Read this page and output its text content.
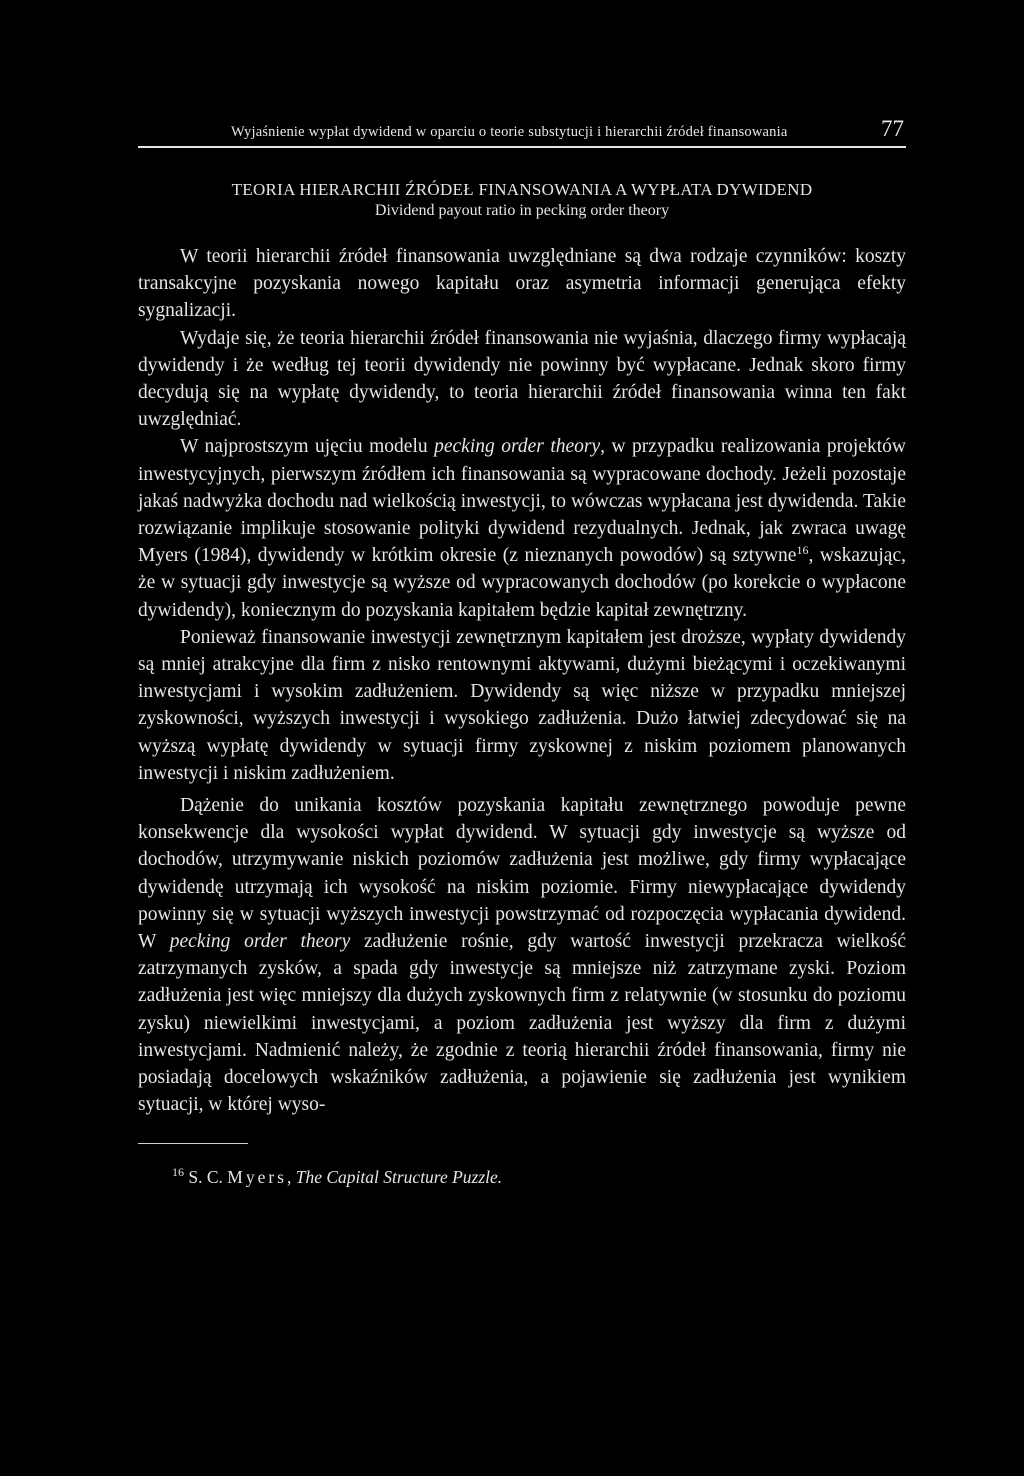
Wyjaśnienie wypłat dywidend w oparciu o teorie substytucji i hierarchii źródeł finansowania	77
TEORIA HIERARCHII ŹRÓDEŁ FINANSOWANIA A WYPŁATA DYWIDEND
Dividend payout ratio in pecking order theory

W teorii hierarchii źródeł finansowania uwzględniane są dwa rodzaje czynników: koszty transakcyjne pozyskania nowego kapitału oraz asymetria informacji generująca efekty sygnalizacji.

Wydaje się, że teoria hierarchii źródeł finansowania nie wyjaśnia, dlaczego firmy wypłacają dywidendy i że według tej teorii dywidendy nie powinny być wypłacane. Jednak skoro firmy decydują się na wypłatę dywidendy, to teoria hierarchii źródeł finansowania winna ten fakt uwzględniać.

W najprostszym ujęciu modelu pecking order theory, w przypadku realizowania projektów inwestycyjnych, pierwszym źródłem ich finansowania są wypracowane dochody. Jeżeli pozostaje jakaś nadwyżka dochodu nad wielkością inwestycji, to wówczas wypłacana jest dywidenda. Takie rozwiązanie implikuje stosowanie polityki dywidend rezydualnych. Jednak, jak zwraca uwagę Myers (1984), dywidendy w krótkim okresie (z nieznanych powodów) są sztywne$^{16}$, wskazując, że w sytuacji gdy inwestycje są wyższe od wypracowanych dochodów (po korekcie o wypłacone dywidendy), koniecznym do pozyskania kapitałem będzie kapitał zewnętrzny.

Ponieważ finansowanie inwestycji zewnętrznym kapitałem jest droższe, wypłaty dywidendy są mniej atrakcyjne dla firm z nisko rentownymi aktywami, dużymi bieżącymi i oczekiwanymi inwestycjami i wysokim zadłużeniem. Dywidendy są więc niższe w przypadku mniejszej zyskowności, wyższych inwestycji i wysokiego zadłużenia. Dużo łatwiej zdecydować się na wyższą wypłatę dywidendy w sytuacji firmy zyskownej z niskim poziomem planowanych inwestycji i niskim zadłużeniem.

Dążenie do unikania kosztów pozyskania kapitału zewnętrznego powoduje pewne konsekwencje dla wysokości wypłat dywidend. W sytuacji gdy inwestycje są wyższe od dochodów, utrzymywanie niskich poziomów zadłużenia jest możliwe, gdy firmy wypłacające dywidendę utrzymają ich wysokość na niskim poziomie. Firmy niewypłacające dywidendy powinny się w sytuacji wyższych inwestycji powstrzymać od rozpoczęcia wypłacania dywidend. W pecking order theory zadłużenie rośnie, gdy wartość inwestycji przekracza wielkość zatrzymanych zysków, a spada gdy inwestycje są mniejsze niż zatrzymane zyski. Poziom zadłużenia jest więc mniejszy dla dużych zyskownych firm z relatywnie (w stosunku do poziomu zysku) niewielkimi inwestycjami, a poziom zadłużenia jest wyższy dla firm z dużymi inwestycjami. Nadmienić należy, że zgodnie z teorią hierarchii źródeł finansowania, firmy nie posiadają docelowych wskaźników zadłużenia, a pojawienie się zadłużenia jest wynikiem sytuacji, w której wyso-

$^{16}$ S. C. Myers, The Capital Structure Puzzle.
